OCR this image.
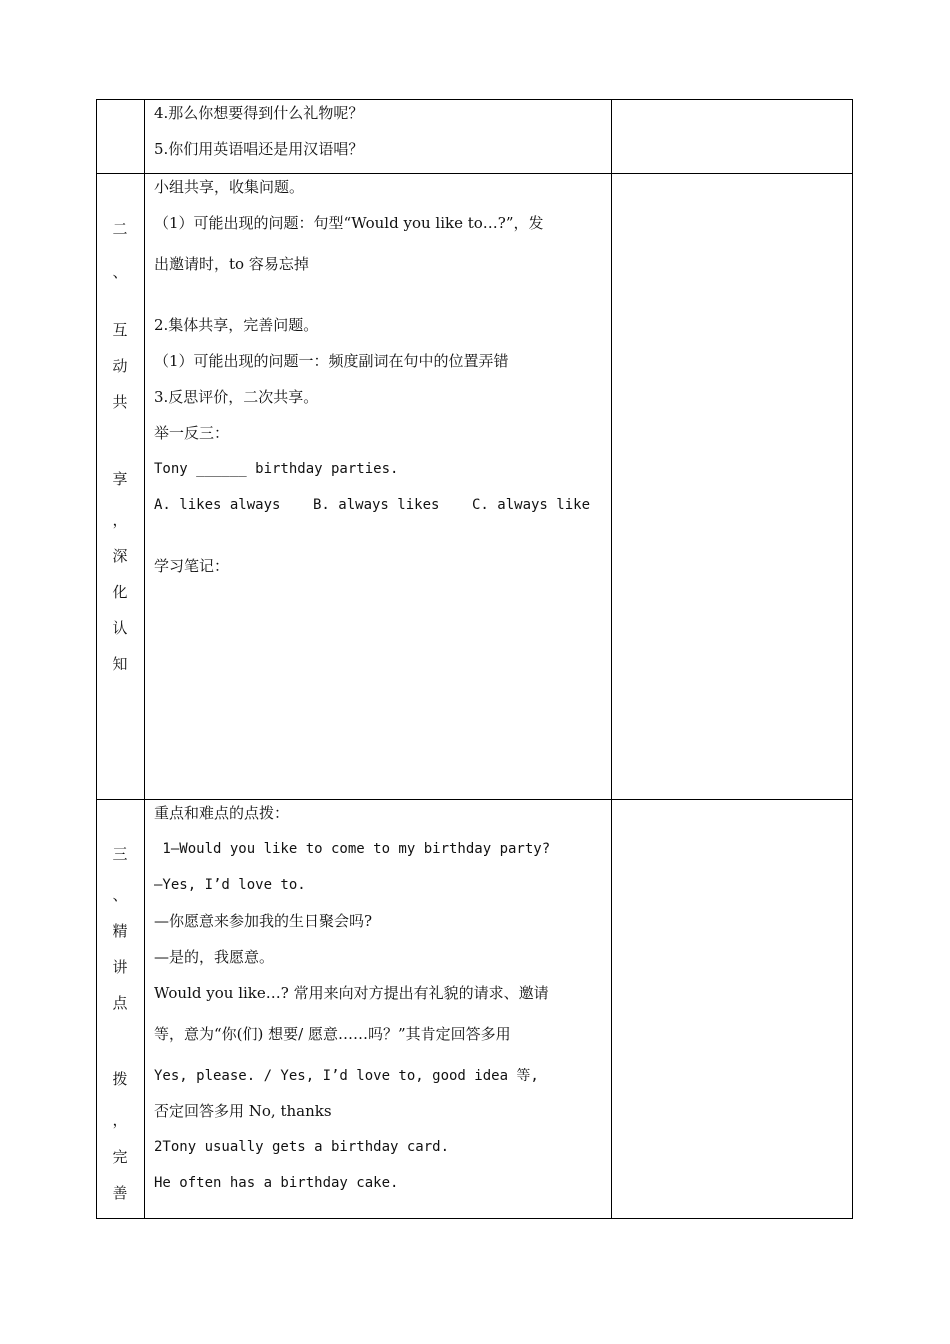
4.那么你想要得到什么礼物呢？
5.你们用英语唱还是用汉语唱？
二
、
互
动
共
享
，
深
化
认
知
小组共享，收集问题。
（1）可能出现的问题：句型“Would you like to…?”，发
出邀请时，to 容易忘掉
2.集体共享，完善问题。
（1）可能出现的问题一：频度副词在句中的位置弄错
3.反思评价，二次共享。
举一反三：
Tony ______ birthday parties.
A. likes always B. always likes C. always like
学习笔记：
三
、
精
讲
点
拨
，
完
善
重点和难点的点拨：
1—Would you like to come to my birthday party?
—Yes, I’d love to.
—你愿意来参加我的生日聚会吗?
—是的，我愿意。
Would you like…? 常用来向对方提出有礼貌的请求、邀请
等，意为“你(们) 想要/ 愿意……吗？”其肯定回答多用
Yes, please. / Yes, I’d love to, good idea 等,
否定回答多用 No, thanks
2Tony usually gets a birthday card.
He often has a birthday cake.
